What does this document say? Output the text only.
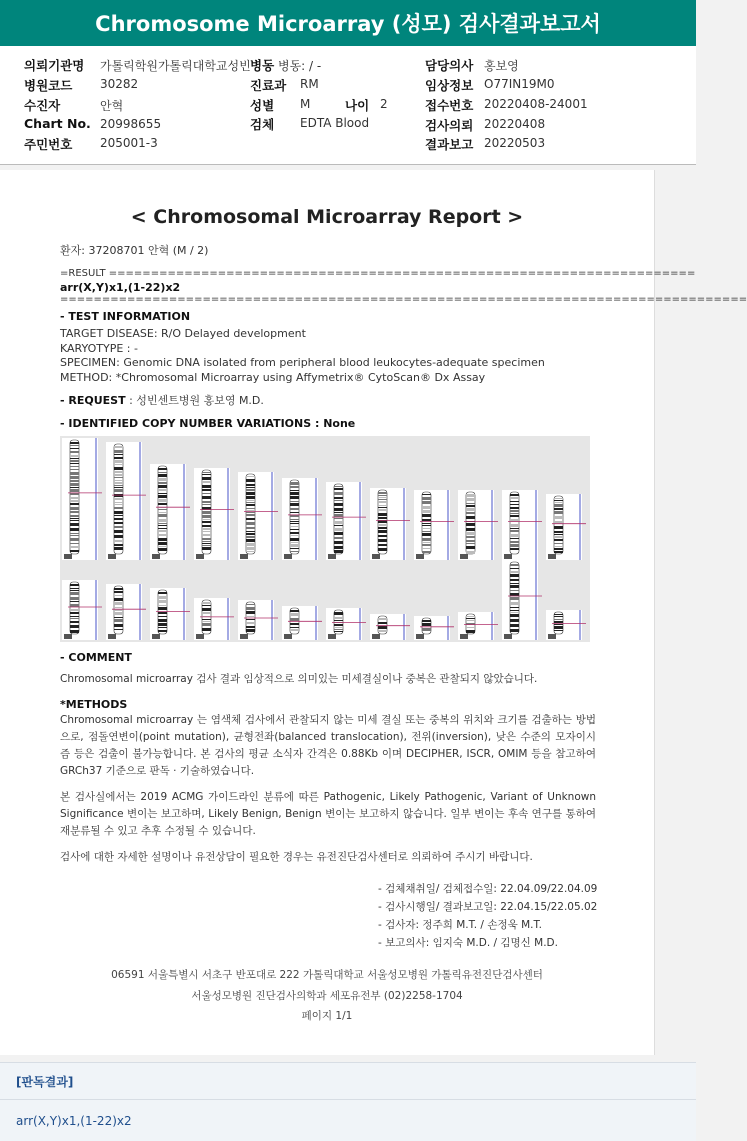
Chromosome Microarray (성모) 검사결과보고서
의뢰기관명 가톨릭학원가톨릭대학교성빈
병원코드 30282
수진자	안혁
Chart No. 20998655
주민번호 205001-3
병동 병동: / -
진료과 RM
성별 M	나이 2
검체 EDTA Blood
담당의사 홍보영
임상정보 O77IN19M0
접수번호 20220408-24001
검사의뢰 20220408
결과보고 20220503
< Chromosomal Microarray Report >
환자: 37208701 안혁 (M / 2)
=RESULT ======================================================================
arr(X,Y)x1,(1-22)x2
==================================================================================
- TEST INFORMATION
TARGET DISEASE: R/O Delayed development
KARYOTYPE : -
SPECIMEN: Genomic DNA isolated from peripheral blood leukocytes-adequate specimen
METHOD: *Chromosomal Microarray using Affymetrix® CytoScan® Dx Assay
- REQUEST : 성빈센트병원 홍보영 M.D.
- IDENTIFIED COPY NUMBER VARIATIONS : None
- COMMENT
Chromosomal microarray 검사 결과 임상적으로 의미있는 미세결실이나 중복은 관찰되지 않았습니다.
*METHODS
Chromosomal microarray 는 염색체 검사에서 관찰되지 않는 미세 결실 또는 중복의 위치와 크기를 검출하는 방법으로, 점돌연변이(point mutation), 균형전좌(balanced translocation), 전위(inversion), 낮은 수준의 모자이시즘 등은 검출이 불가능합니다. 본 검사의 평균 소식자 간격은 0.88Kb 이며 DECIPHER, ISCR, OMIM 등을 참고하여 GRCh37 기준으로 판독 · 기술하였습니다.
본 검사실에서는 2019 ACMG 가이드라인 분류에 따른 Pathogenic, Likely Pathogenic, Variant of Unknown Significance 변이는 보고하며, Likely Benign, Benign 변이는 보고하지 않습니다. 일부 변이는 후속 연구를 통하여 재분류될 수 있고 추후 수정될 수 있습니다.
검사에 대한 자세한 설명이나 유전상담이 필요한 경우는 유전진단검사센터로 의뢰하여 주시기 바랍니다.
- 검체채취일/ 검체접수일: 22.04.09/22.04.09
- 검사시행일/ 결과보고일: 22.04.15/22.05.02
- 검사자: 정주희 M.T. / 손정욱 M.T.
- 보고의사: 임지숙 M.D. / 김명신 M.D.
06591 서울특별시 서초구 반포대로 222 가톨릭대학교 서울성모병원 가톨릭유전진단검사센터
서울성모병원 진단검사의학과 세포유전부 (02)2258-1704
페이지 1/1
[판독결과]
arr(X,Y)x1,(1-22)x2
